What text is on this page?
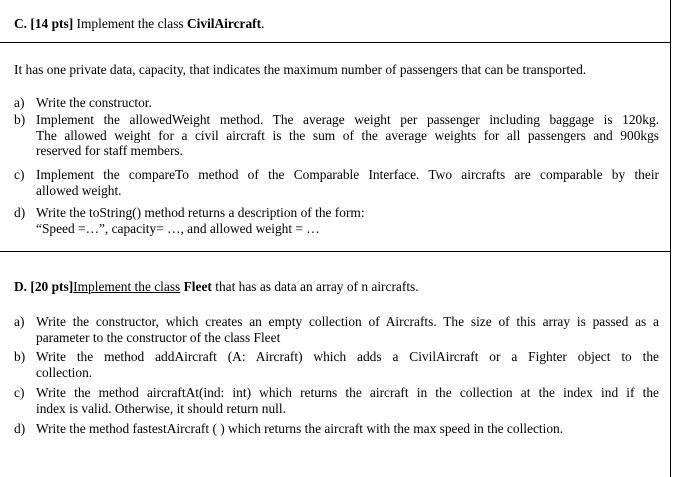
C. [14 pts] Implement the class CivilAircraft.
It has one private data, capacity, that indicates the maximum number of passengers that can be transported.
a) Write the constructor.
b) Implement the allowedWeight method. The average weight per passenger including baggage is 120kg.
The allowed weight for a civil aircraft is the sum of the average weights for all passengers and 900kgs
reserved for staff members.
c) Implement the compareTo method of the Comparable Interface. Two aircrafts are comparable by their
allowed weight.
d) Write the toString() method returns a description of the form:
“Speed =…”, capacity= …, and allowed weight = …
D. [20 pts]Implement the class Fleet that has as data an array of n aircrafts.
a) Write the constructor, which creates an empty collection of Aircrafts. The size of this array is passed as a
parameter to the constructor of the class Fleet
b) Write the method addAircraft (A: Aircraft) which adds a CivilAircraft or a Fighter object to the
collection.
c) Write the method aircraftAt(ind: int) which returns the aircraft in the collection at the index ind if the
index is valid. Otherwise, it should return null.
d) Write the method fastestAircraft ( ) which returns the aircraft with the max speed in the collection.
